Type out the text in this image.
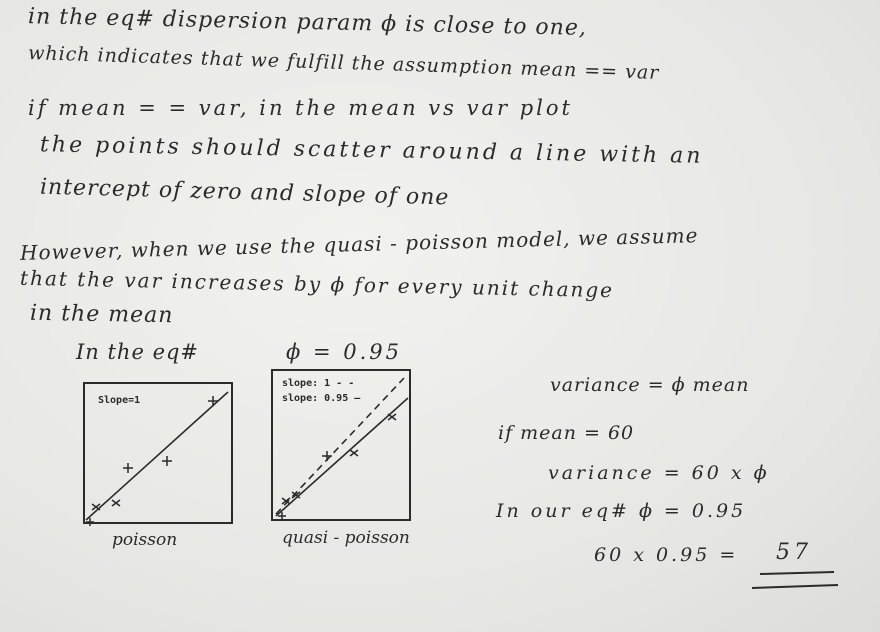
in the eq# dispersion param ϕ is close to one,
which indicates that we fulfill the assumption mean == var
if mean = = var, in the mean vs var plot
the points should scatter around a line with an
intercept of zero and slope of one
However, when we use the quasi - poisson model, we assume
that the var increases by ϕ for every unit change
in the mean
In the eq#	ϕ = 0.95
Slope=1
poisson
slope: 1 - -
slope: 0.95 —
quasi - poisson
variance = ϕ mean
if mean = 60
variance = 60 x ϕ
In our eq# ϕ = 0.95
60 x 0.95 = 57
